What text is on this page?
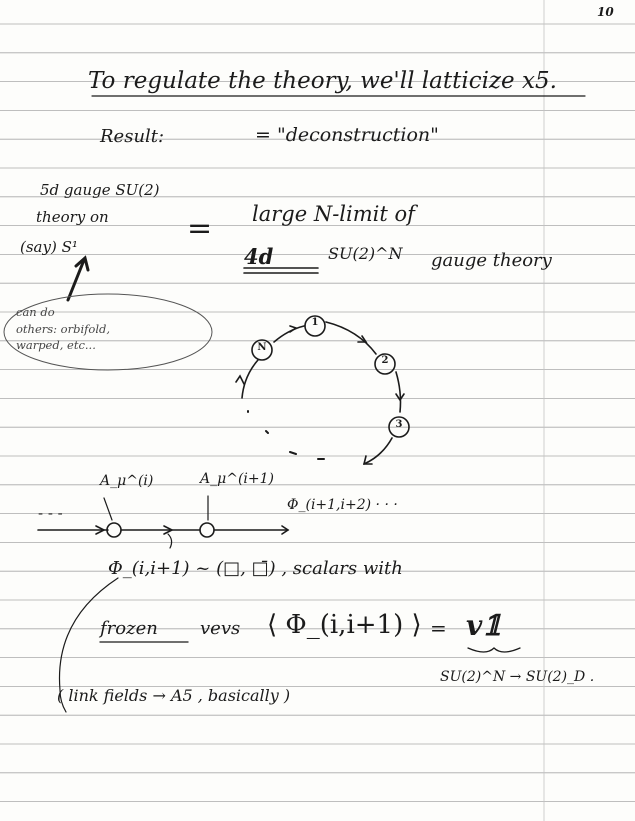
10
To regulate the theory, we'll latticize x5.
Result:	= "deconstruction"
5d gauge SU(2)
theory on
(say) S¹
= large N-limit of
4d	SU(2)^N gauge theory
can do
others: orbifold,
warped, etc...
1
2
3
N
- - -
A_μ^(i)	A_μ^(i+1)
Φ_(i+1,i+2) · · ·
Φ_(i,i+1) ~ (□, □̄) , scalars with
frozen vevs ⟨ Φ_(i,i+1) ⟩ = v𝟙
SU(2)^N → SU(2)_D .
( link fields → A5 , basically )
